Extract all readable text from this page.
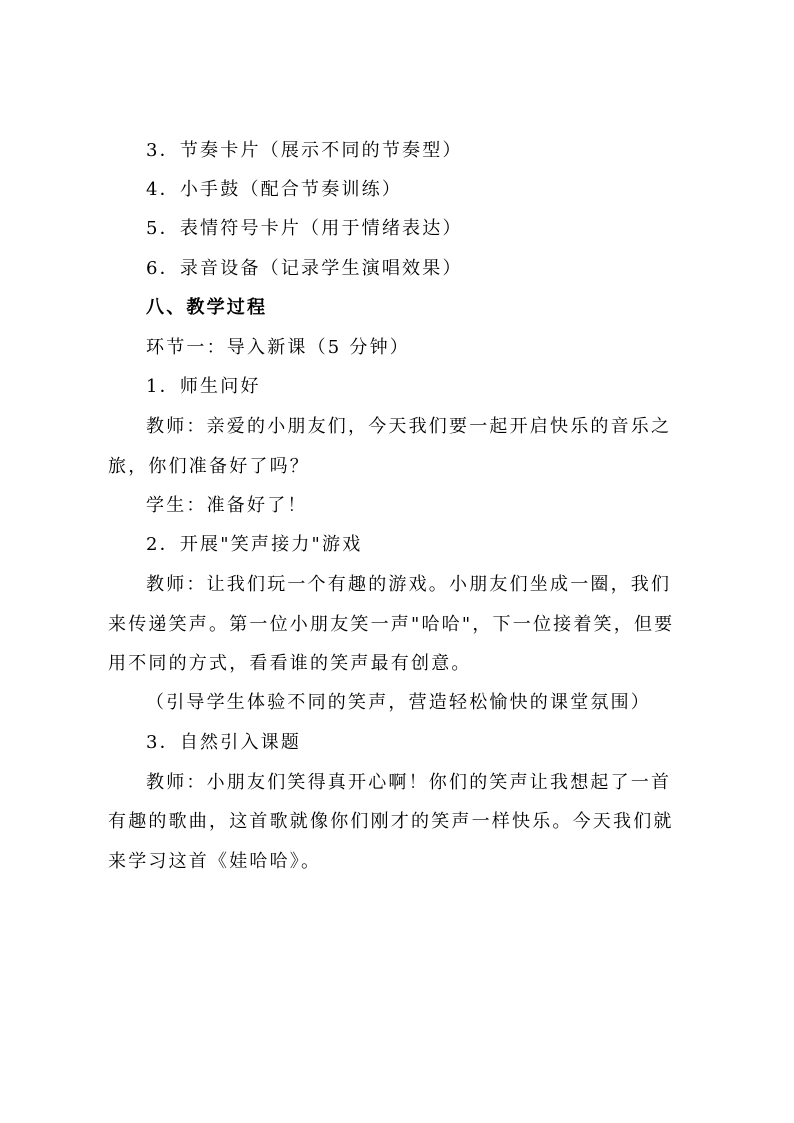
3．节奏卡片（展示不同的节奏型）
4．小手鼓（配合节奏训练）
5．表情符号卡片（用于情绪表达）
6．录音设备（记录学生演唱效果）
八、教学过程
环节一：导入新课（5 分钟）
1．师生问好
教师：亲爱的小朋友们，今天我们要一起开启快乐的音乐之
旅，你们准备好了吗？
学生：准备好了！
2．开展"笑声接力"游戏
教师：让我们玩一个有趣的游戏。小朋友们坐成一圈，我们
来传递笑声。第一位小朋友笑一声"哈哈"，下一位接着笑，但要
用不同的方式，看看谁的笑声最有创意。
（引导学生体验不同的笑声，营造轻松愉快的课堂氛围）
3．自然引入课题
教师：小朋友们笑得真开心啊！你们的笑声让我想起了一首
有趣的歌曲，这首歌就像你们刚才的笑声一样快乐。今天我们就
来学习这首《娃哈哈》。
